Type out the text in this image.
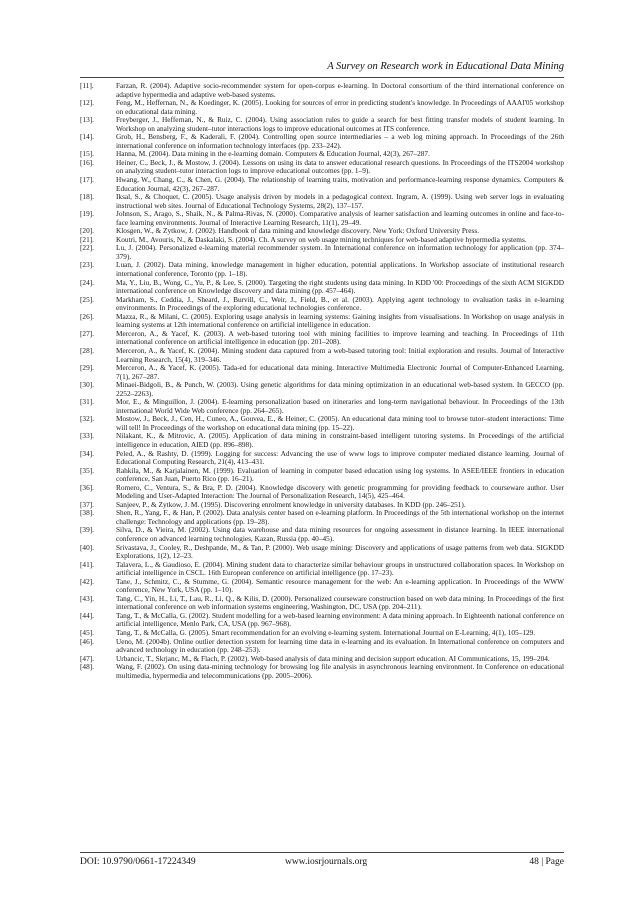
A Survey on Research work in Educational Data Mining
[11].	Farzan, R. (2004). Adaptive socio-recommender system for open-corpus e-learning. In Doctoral consortium of the third international conference on adaptive hypermedia and adaptive web-based systems.
[12].	Feng, M., Heffernan, N., & Koedinger, K. (2005). Looking for sources of error in predicting student's knowledge. In Proceedings of AAAI'05 workshop on educational data mining.
[13].	Freyberger, J., Heffernan, N., & Ruiz, C. (2004). Using association rules to guide a search for best fitting transfer models of student learning. In Workshop on analyzing student–tutor interactions logs to improve educational outcomes at ITS conference.
[14].	Grob, H., Bensberg, F., & Kaderali, F. (2004). Controlling open source intermediaries – a web log mining approach. In Proceedings of the 26th international conference on information technology interfaces (pp. 233–242).
[15].	Hanna, M. (2004). Data mining in the e-learning domain. Computers & Education Journal, 42(3), 267–287.
[16].	Heiner, C., Beck, J., & Mostow, J. (2004). Lessons on using its data to answer educational research questions. In Proceedings of the ITS2004 workshop on analyzing student–tutor interaction logs to improve educational outcomes (pp. 1–9).
[17].	Hwang, W., Chang, C., & Chen, G. (2004). The relationship of learning traits, motivation and performance-learning response dynamics. Computers & Education Journal, 42(3), 267–287.
[18].	Iksal, S., & Choquet, C. (2005). Usage analysis driven by models in a pedagogical context. Ingram, A. (1999). Using web server logs in evaluating instructional web sites. Journal of Educational Technology Systems, 28(2), 137–157.
[19].	Johnson, S., Arago, S., Shaik, N., & Palma-Rivas, N. (2000). Comparative analysis of learner satisfaction and learning outcomes in online and face-to-face learning environments. Journal of Interactive Learning Research, 11(1), 29–49.
[20].	Klosgen, W., & Zytkow, J. (2002). Handbook of data mining and knowledge discovery. New York: Oxford University Press.
[21].	Koutri, M., Avouris, N., & Daskalaki, S. (2004). Ch. A survey on web usage mining techniques for web-based adaptive hypermedia systems.
[22].	Lu, J. (2004). Personalized e-learning material recommender system. In International conference on information technology for application (pp. 374–379).
[23].	Luan, J. (2002). Data mining, knowledge management in higher education, potential applications. In Workshop associate of institutional research international conference, Toronto (pp. 1–18).
[24].	Ma, Y., Liu, B., Wong, C., Yu, P., & Lee, S. (2000). Targeting the right students using data mining. In KDD '00: Proceedings of the sixth ACM SIGKDD international conference on Knowledge discovery and data mining (pp. 457–464).
[25].	Markham, S., Ceddia, J., Sheard, J., Burvill, C., Weir, J., Field, B., et al. (2003). Applying agent technology to evaluation tasks in e-learning environments. In Proceedings of the exploring educational technologies conference.
[26].	Mazza, R., & Milani, C. (2005). Exploring usage analysis in learning systems: Gaining insights from visualisations. In Workshop on usage analysis in learning systems at 12th international conference on artificial intelligence in education.
[27].	Merceron, A., & Yacef, K. (2003). A web-based tutoring tool with mining facilities to improve learning and teaching. In Proceedings of 11th international conference on artificial intelligence in education (pp. 201–208).
[28].	Merceron, A., & Yacef, K. (2004). Mining student data captured from a web-based tutoring tool: Initial exploration and results. Journal of Interactive Learning Research, 15(4), 319–346.
[29].	Merceron, A., & Yacef, K. (2005). Tada-ed for educational data mining. Interactive Multimedia Electronic Journal of Computer-Enhanced Learning, 7(1), 267–287.
[30].	Minaei-Bidgoli, B., & Punch, W. (2003). Using genetic algorithms for data mining optimization in an educational web-based system. In GECCO (pp. 2252–2263).
[31].	Mor, E., & Minguillon, J. (2004). E-learning personalization based on itineraries and long-term navigational behaviour. In Proceedings of the 13th international World Wide Web conference (pp. 264–265).
[32].	Mostow, J., Beck, J., Cen, H., Cuneo, A., Gouvea, E., & Heiner, C. (2005). An educational data mining tool to browse tutor–student interactions: Time will tell! In Proceedings of the workshop on educational data mining (pp. 15–22).
[33].	Nilakant, K., & Mitrovic, A. (2005). Application of data mining in constraint-based intelligent tutoring systems. In Proceedings of the artificial intelligence in education, AIED (pp. 896–898).
[34].	Peled, A., & Rashty, D. (1999). Logging for success: Advancing the use of www logs to improve computer mediated distance learning. Journal of Educational Computing Research, 21(4), 413–431.
[35].	Rahkila, M., & Karjalainen, M. (1999). Evaluation of learning in computer based education using log systems. In ASEE/IEEE frontiers in education conference, San Juan, Puerto Rico (pp. 16–21).
[36].	Romero, C., Ventura, S., & Bra, P. D. (2004). Knowledge discovery with genetic programming for providing feedback to courseware author. User Modeling and User-Adapted Interaction: The Journal of Personalization Research, 14(5), 425–464.
[37].	Sanjeev, P., & Zytkow, J. M. (1995). Discovering enrolment knowledge in university databases. In KDD (pp. 246–251).
[38].	Shen, R., Yang, F., & Han, P. (2002). Data analysis center based on e-learning platform. In Proceedings of the 5th international workshop on the internet challenge: Technology and applications (pp. 19–28).
[39].	Silva, D., & Vieira, M. (2002). Using data warehouse and data mining resources for ongoing assessment in distance learning. In IEEE international conference on advanced learning technologies, Kazan, Russia (pp. 40–45).
[40].	Srivastava, J., Cooley, R., Deshpande, M., & Tan, P. (2000). Web usage mining: Discovery and applications of usage patterns from web data. SIGKDD Explorations, 1(2), 12–23.
[41].	Talavera, L., & Gaudioso, E. (2004). Mining student data to characterize similar behaviour groups in unstructured collaboration spaces. In Workshop on artificial intelligence in CSCL. 16th European conference on artificial intelligence (pp. 17–23).
[42].	Tane, J., Schmitz, C., & Stumme, G. (2004). Semantic resource management for the web: An e-learning application. In Proceedings of the WWW conference, New York, USA (pp. 1–10).
[43].	Tang, C., Yin, H., Li, T., Lau, R., Li, Q., & Kilis, D. (2000). Personalized courseware construction based on web data mining. In Proceedings of the first international conference on web information systems engineering, Washington, DC, USA (pp. 204–211).
[44].	Tang, T., & McCalla, G. (2002). Student modelling for a web-based learning environment: A data mining approach. In Eighteenth national conference on artificial intelligence, Menlo Park, CA, USA (pp. 967–968).
[45].	Tang, T., & McCalla, G. (2005). Smart recommendation for an evolving e-learning system. International Journal on E-Learning, 4(1), 105–129.
[46].	Ueno, M. (2004b). Online outlier detection system for learning time data in e-learning and its evaluation. In International conference on computers and advanced technology in education (pp. 248–253).
[47].	Urbancic, T., Skrjanc, M., & Flach, P. (2002). Web-based analysis of data mining and decision support education. AI Communications, 15, 199–204.
[48].	Wang, F. (2002). On using data-mining technology for browsing log file analysis in asynchronous learning environment. In Conference on educational multimedia, hypermedia and telecommunications (pp. 2005–2006).
DOI: 10.9790/0661-17224349	www.iosrjournals.org	48 | Page
